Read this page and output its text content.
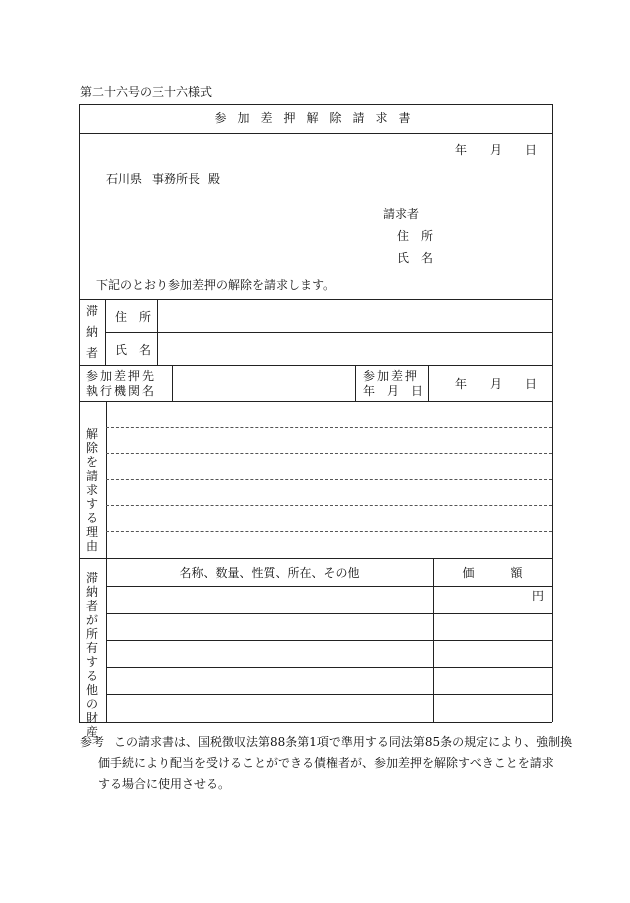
第二十六号の三十六様式
参加差押解除請求書
年 月 日
石川県 事務所長 殿
請求者
住　所
氏　名
下記のとおり参加差押の解除を請求します。
滞納者
住　所
氏　名
参加差押先
執行機関名
参加差押
年　月　日	年 月 日
解除を請求する理由
滞納者が所有する他の財産
名称、数量、性質、所在、その他	価　　　額
円
参考 この請求書は、国税徴収法第88条第1項で準用する同法第85条の規定により、強制換
価手続により配当を受けることができる債権者が、参加差押を解除すべきことを請求
する場合に使用させる。
